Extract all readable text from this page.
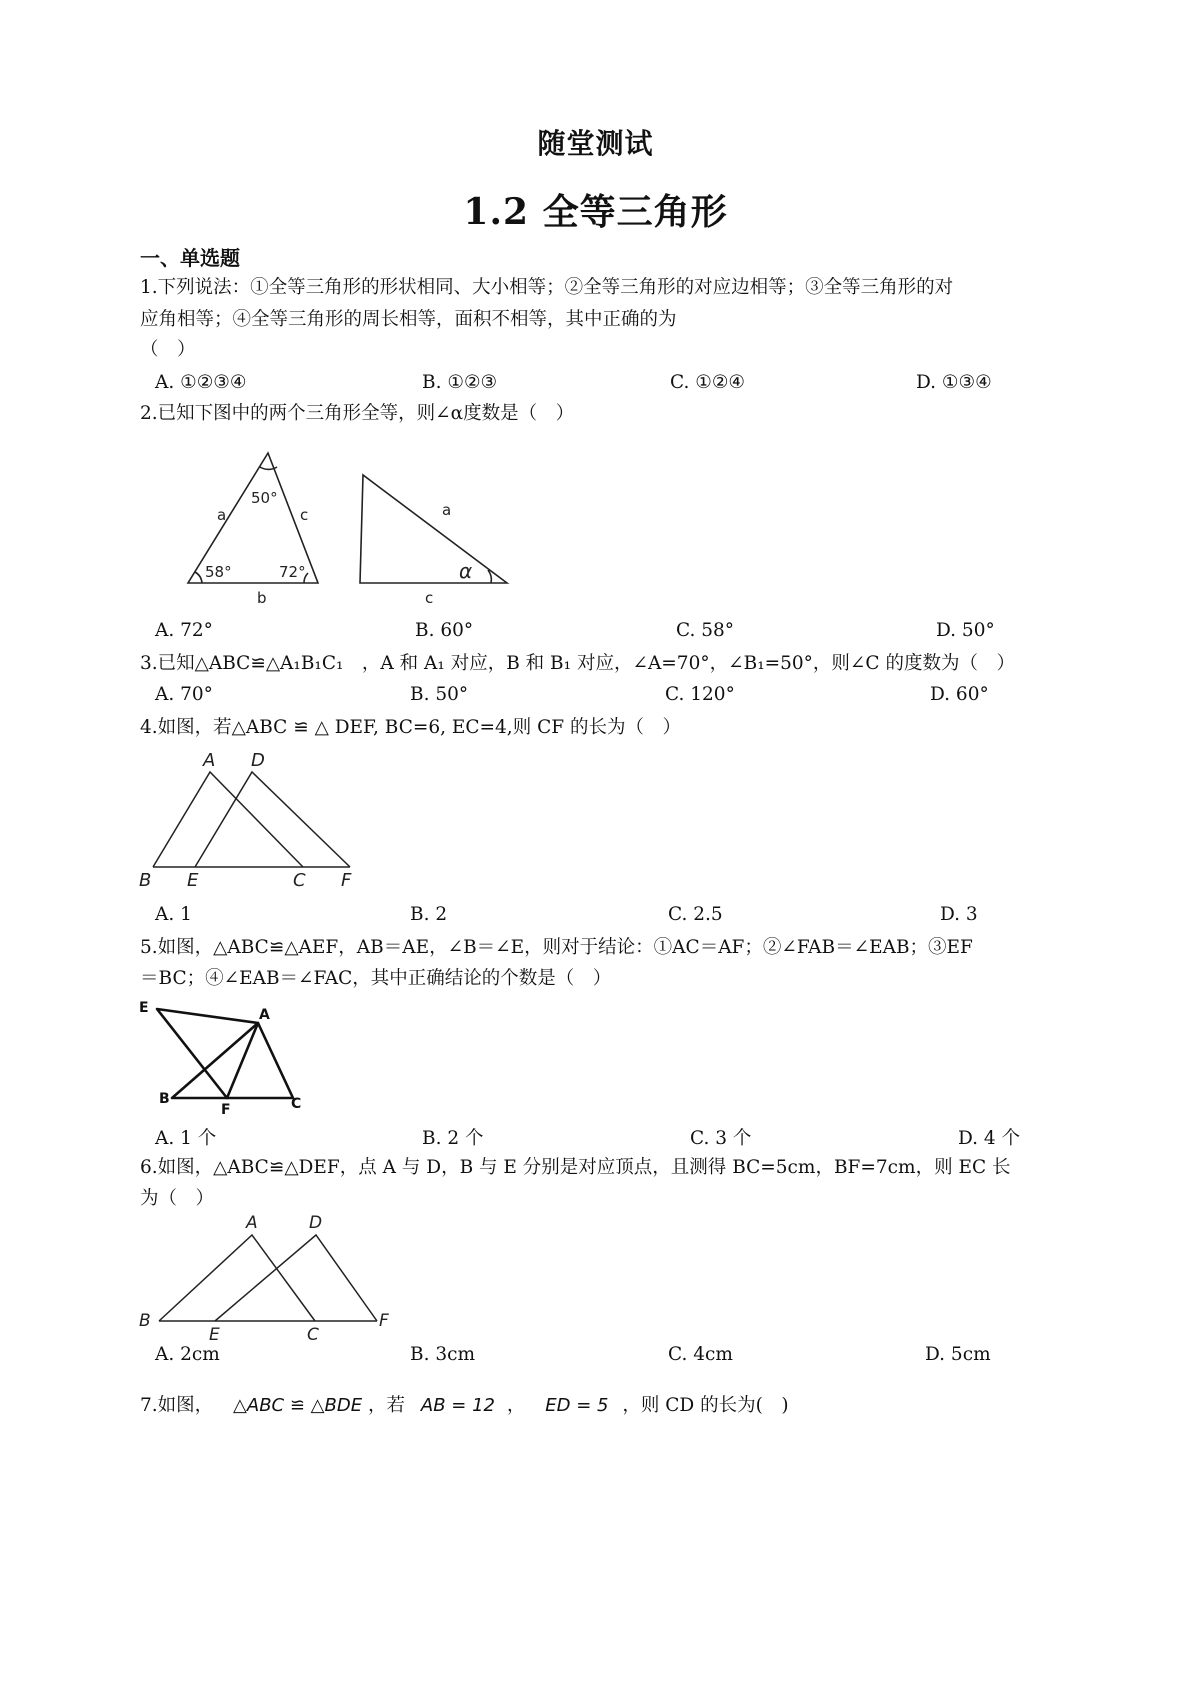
随堂测试
1.2 全等三角形
一、单选题
1.下列说法：①全等三角形的形状相同、大小相等；②全等三角形的对应边相等；③全等三角形的对
应角相等；④全等三角形的周长相等，面积不相等，其中正确的为
（　）
A. ①②③④	B. ①②③	C. ①②④	D. ①③④
2.已知下图中的两个三角形全等，则∠α度数是（　）
50°
a	c
58°	72°
b
a
c
α
A. 72°	B. 60°	C. 58°	D. 50°
3.已知△ABC≌△A₁B₁C₁　，A 和 A₁ 对应，B 和 B₁ 对应，∠A=70°，∠B₁=50°，则∠C 的度数为（　）
A. 70°	B. 50°	C. 120°	D. 60°
4.如图，若△ABC ≌ △ DEF, BC=6, EC=4,则 CF 的长为（　）
A D
B E	C F
A. 1	B. 2	C. 2.5	D. 3
5.如图，△ABC≌△AEF，AB＝AE，∠B＝∠E，则对于结论：①AC＝AF；②∠FAB＝∠EAB；③EF
＝BC；④∠EAB＝∠FAC，其中正确结论的个数是（　）
E	A
B
F	C
A. 1 个	B. 2 个	C. 3 个	D. 4 个
6.如图，△ABC≌△DEF，点 A 与 D，B 与 E 分别是对应顶点，且测得 BC=5cm，BF=7cm，则 EC 长
为（　）
A	D
B
E	C
F
A. 2cm	B. 3cm	C. 4cm	D. 5cm
7.如图， △ABC ≌ △BDE ，若 AB = 12 ， ED = 5 ，则 CD 的长为(　)
